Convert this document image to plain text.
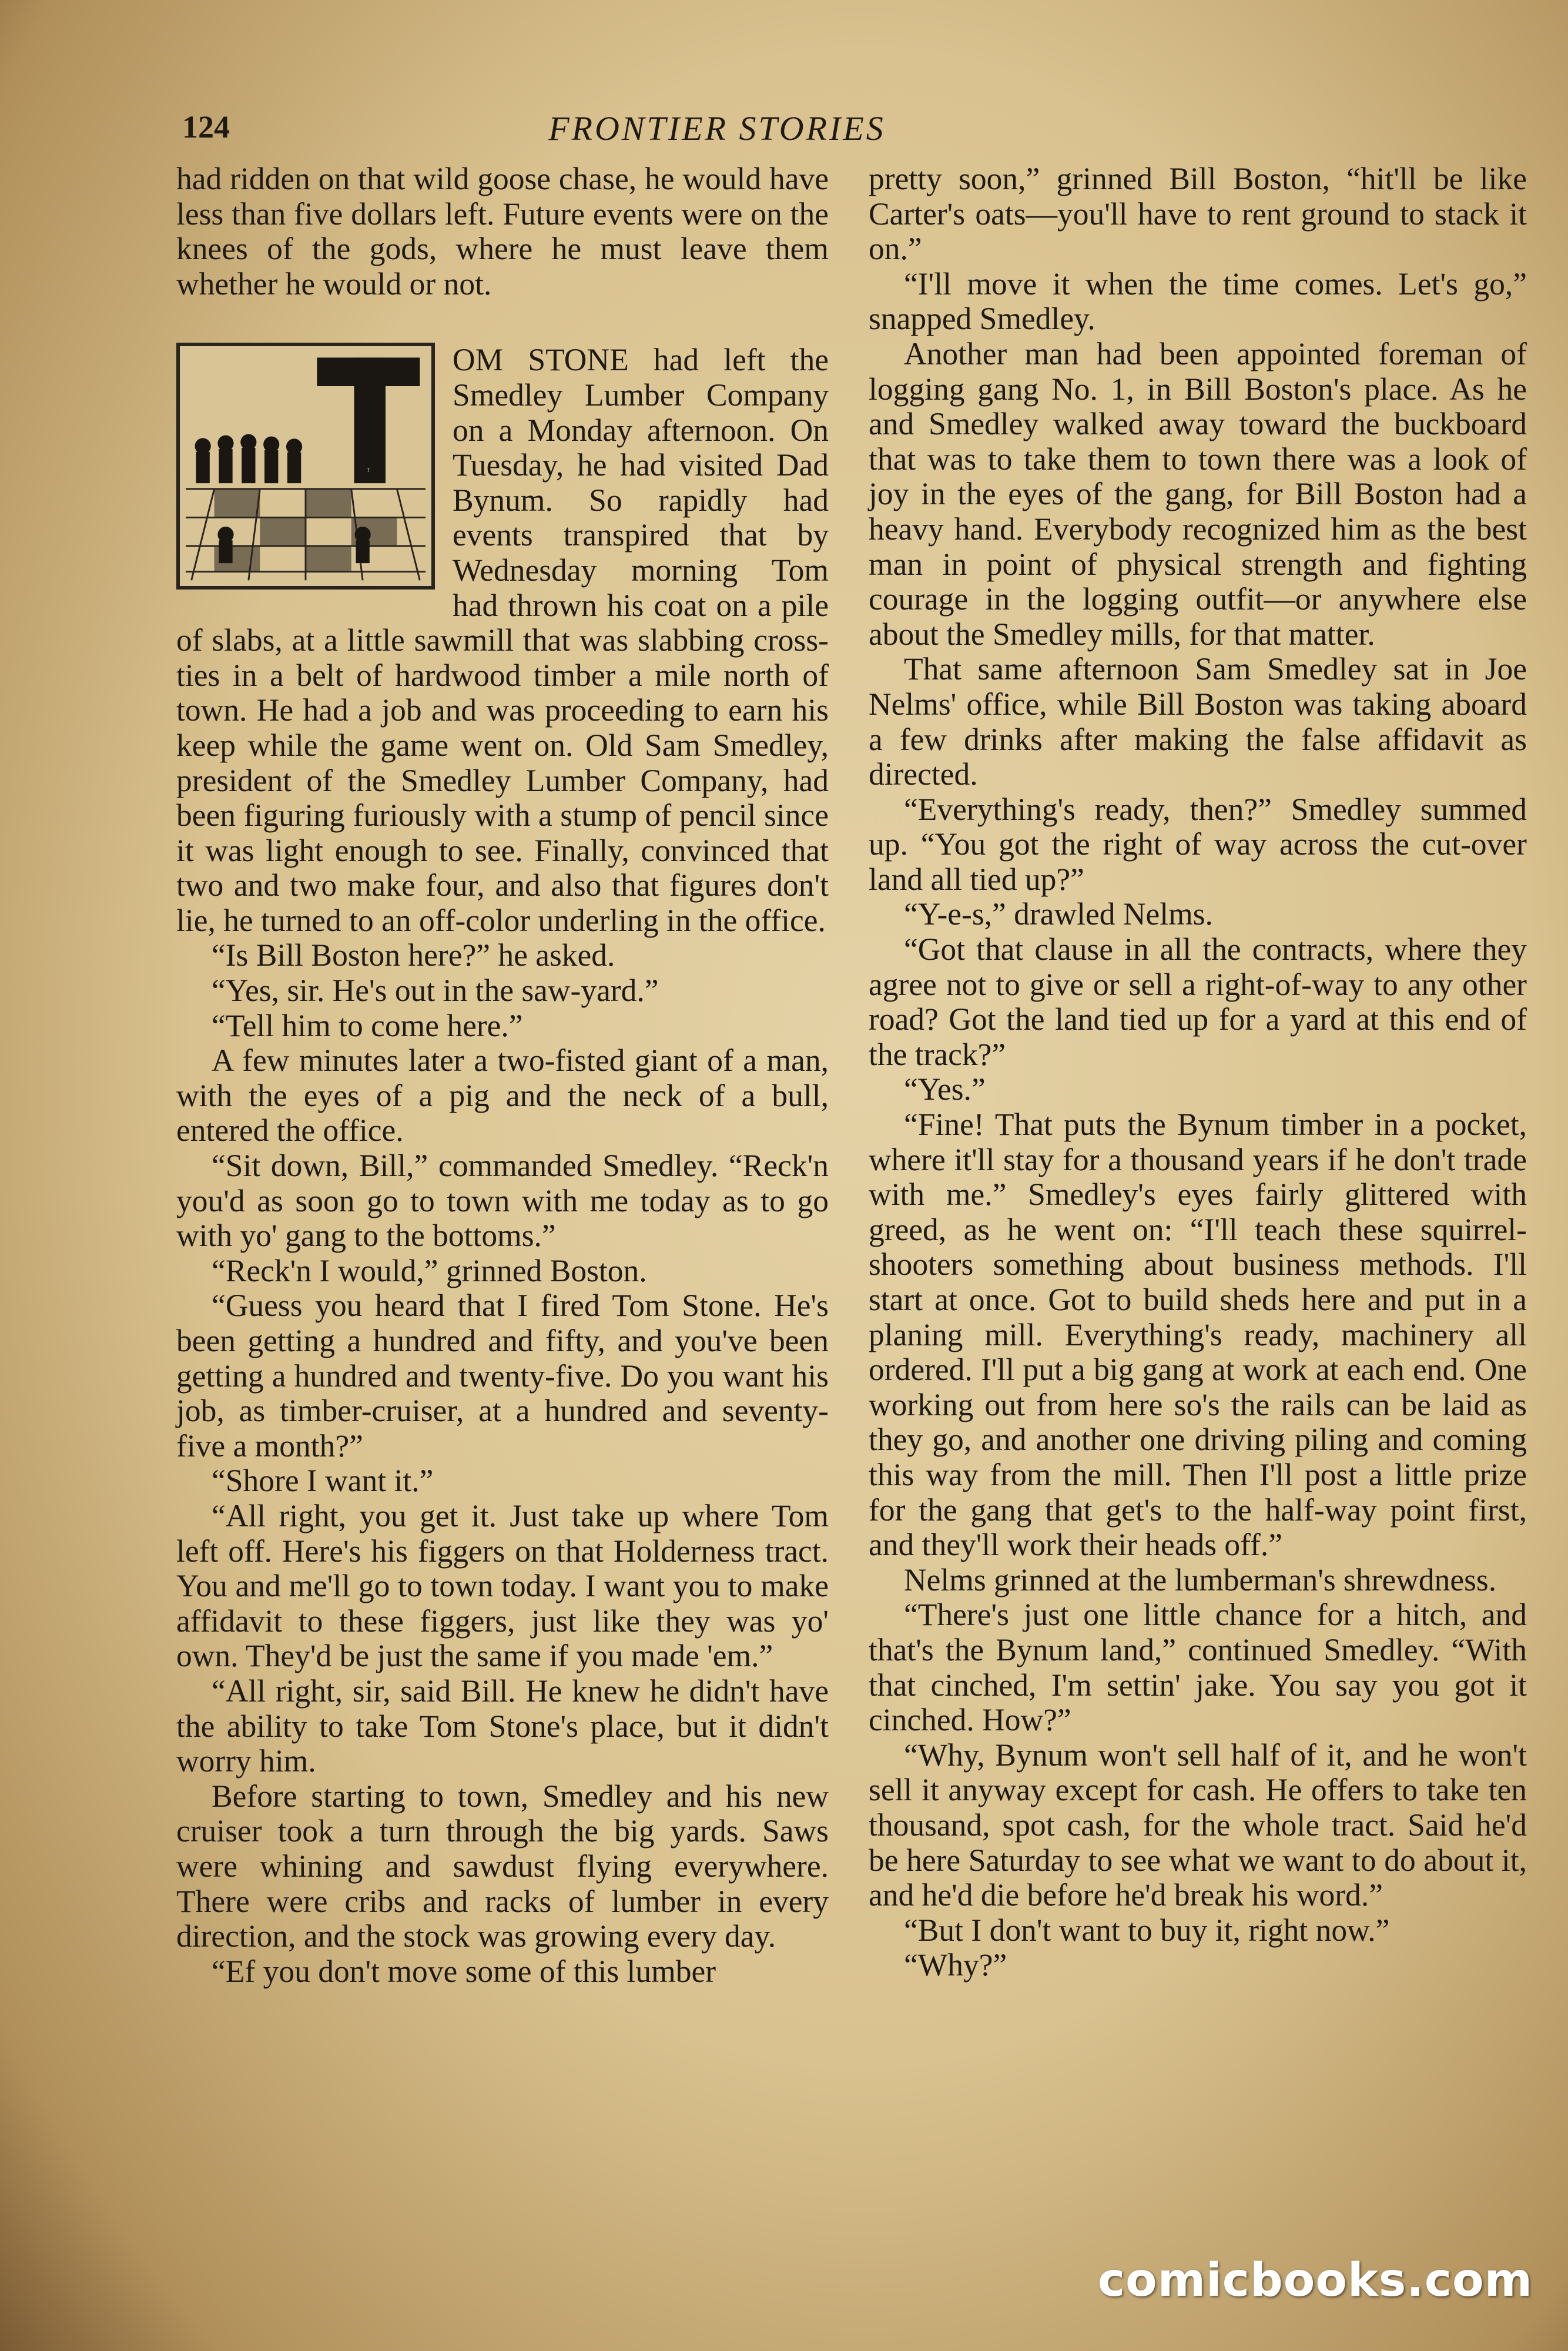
124	FRONTIER STORIES

had ridden on that wild goose chase, he would have less than five dollars left. Future events were on the knees of the gods, where he must leave them whether he would or not.

T

OM STONE had left the Smedley Lumber Company on a Monday afternoon. On Tuesday, he had visited Dad Bynum. So rapidly had events transpired that by Wednesday morning Tom had thrown his coat on a pile of slabs, at a little sawmill that was slabbing cross-ties in a belt of hardwood timber a mile north of town. He had a job and was proceeding to earn his keep while the game went on. Old Sam Smedley, president of the Smedley Lumber Company, had been figuring furiously with a stump of pencil since it was light enough to see. Finally, convinced that two and two make four, and also that figures don't lie, he turned to an off-color underling in the office.

“Is Bill Boston here?” he asked.

“Yes, sir. He's out in the saw-yard.”

“Tell him to come here.”

A few minutes later a two-fisted giant of a man, with the eyes of a pig and the neck of a bull, entered the office.

“Sit down, Bill,” commanded Smedley. “Reck'n you'd as soon go to town with me today as to go with yo' gang to the bottoms.”

“Reck'n I would,” grinned Boston.

“Guess you heard that I fired Tom Stone. He's been getting a hundred and fifty, and you've been getting a hundred and twenty-five. Do you want his job, as timber-cruiser, at a hundred and seventy-five a month?”

“Shore I want it.”

“All right, you get it. Just take up where Tom left off. Here's his figgers on that Holderness tract. You and me'll go to town today. I want you to make affidavit to these figgers, just like they was yo' own. They'd be just the same if you made 'em.”

“All right, sir, said Bill. He knew he didn't have the ability to take Tom Stone's place, but it didn't worry him.

Before starting to town, Smedley and his new cruiser took a turn through the big yards. Saws were whining and sawdust flying everywhere. There were cribs and racks of lumber in every direction, and the stock was growing every day.

“Ef you don't move some of this lumber

pretty soon,” grinned Bill Boston, “hit'll be like Carter's oats—you'll have to rent ground to stack it on.”

“I'll move it when the time comes. Let's go,” snapped Smedley.

Another man had been appointed foreman of logging gang No. 1, in Bill Boston's place. As he and Smedley walked away toward the buckboard that was to take them to town there was a look of joy in the eyes of the gang, for Bill Boston had a heavy hand. Everybody recognized him as the best man in point of physical strength and fighting courage in the logging outfit—or anywhere else about the Smedley mills, for that matter.

That same afternoon Sam Smedley sat in Joe Nelms' office, while Bill Boston was taking aboard a few drinks after making the false affidavit as directed.

“Everything's ready, then?” Smedley summed up. “You got the right of way across the cut-over land all tied up?”

“Y-e-s,” drawled Nelms.

“Got that clause in all the contracts, where they agree not to give or sell a right-of-way to any other road? Got the land tied up for a yard at this end of the track?”

“Yes.”

“Fine! That puts the Bynum timber in a pocket, where it'll stay for a thousand years if he don't trade with me.” Smedley's eyes fairly glittered with greed, as he went on: “I'll teach these squirrel-shooters something about business methods. I'll start at once. Got to build sheds here and put in a planing mill. Everything's ready, machinery all ordered. I'll put a big gang at work at each end. One working out from here so's the rails can be laid as they go, and another one driving piling and coming this way from the mill. Then I'll post a little prize for the gang that get's to the half-way point first, and they'll work their heads off.”

Nelms grinned at the lumberman's shrewdness.

“There's just one little chance for a hitch, and that's the Bynum land,” continued Smedley. “With that cinched, I'm settin' jake. You say you got it cinched. How?”

“Why, Bynum won't sell half of it, and he won't sell it anyway except for cash. He offers to take ten thousand, spot cash, for the whole tract. Said he'd be here Saturday to see what we want to do about it, and he'd die before he'd break his word.”

“But I don't want to buy it, right now.”

“Why?”

comicbooks.com
